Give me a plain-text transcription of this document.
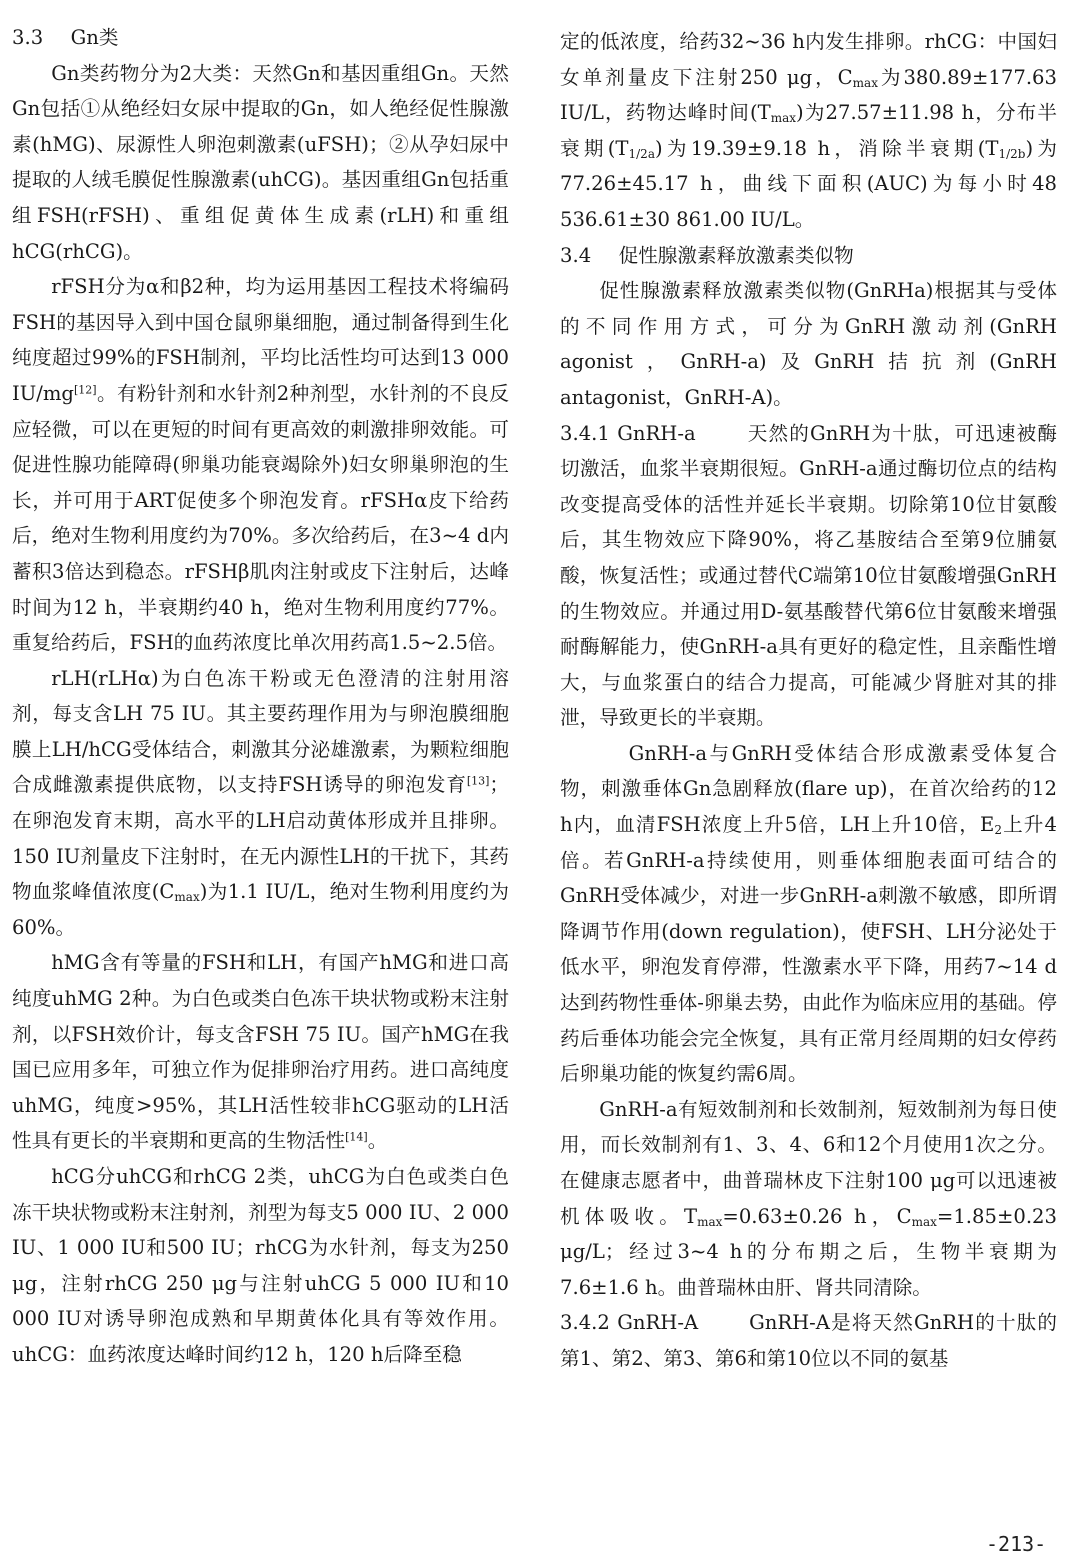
3.3 Gn类

Gn类药物分为2大类：天然Gn和基因重组Gn。天然Gn包括①从绝经妇女尿中提取的Gn，如人绝经促性腺激素(hMG)、尿源性人卵泡刺激素(uFSH)；②从孕妇尿中提取的人绒毛膜促性腺激素(uhCG)。基因重组Gn包括重组FSH(rFSH)、重组促黄体生成素(rLH)和重组hCG(rhCG)。

rFSH分为α和β2种，均为运用基因工程技术将编码FSH的基因导入到中国仓鼠卵巢细胞，通过制备得到生化纯度超过99%的FSH制剂，平均比活性均可达到13 000 IU/mg[12]。有粉针剂和水针剂2种剂型，水针剂的不良反应轻微，可以在更短的时间有更高效的刺激排卵效能。可促进性腺功能障碍(卵巢功能衰竭除外)妇女卵巢卵泡的生长，并可用于ART促使多个卵泡发育。rFSHα皮下给药后，绝对生物利用度约为70%。多次给药后，在3~4 d内蓄积3倍达到稳态。rFSHβ肌肉注射或皮下注射后，达峰时间为12 h，半衰期约40 h，绝对生物利用度约77%。重复给药后，FSH的血药浓度比单次用药高1.5~2.5倍。

rLH(rLHα)为白色冻干粉或无色澄清的注射用溶剂，每支含LH 75 IU。其主要药理作用为与卵泡膜细胞膜上LH/hCG受体结合，刺激其分泌雄激素，为颗粒细胞合成雌激素提供底物，以支持FSH诱导的卵泡发育[13]；在卵泡发育末期，高水平的LH启动黄体形成并且排卵。150 IU剂量皮下注射时，在无内源性LH的干扰下，其药物血浆峰值浓度$(C_{max})$为1.1 IU/L，绝对生物利用度约为60%。

hMG含有等量的FSH和LH，有国产hMG和进口高纯度uhMG 2种。为白色或类白色冻干块状物或粉末注射剂，以FSH效价计，每支含FSH 75 IU。国产hMG在我国已应用多年，可独立作为促排卵治疗用药。进口高纯度uhMG，纯度>95%，其LH活性较非hCG驱动的LH活性具有更长的半衰期和更高的生物活性[14]。

hCG分uhCG和rhCG 2类，uhCG为白色或类白色冻干块状物或粉末注射剂，剂型为每支5 000 IU、2 000 IU、1 000 IU和500 IU；rhCG为水针剂，每支为250 μg，注射rhCG 250 μg与注射uhCG 5 000 IU和10 000 IU对诱导卵泡成熟和早期黄体化具有等效作用。uhCG：血药浓度达峰时间约12 h，120 h后降至稳

定的低浓度，给药32~36 h内发生排卵。rhCG：中国妇女单剂量皮下注射250 μg，$C_{max}$为380.89±177.63 IU/L，药物达峰时间$(T_{max})$为27.57±11.98 h，分布半衰期$(T_{1/2a})$为19.39±9.18 h，消除半衰期$(T_{1/2b})$为77.26±45.17 h，曲线下面积(AUC)为每小时48 536.61±30 861.00 IU/L。

3.4 促性腺激素释放激素类似物

促性腺激素释放激素类似物(GnRHa)根据其与受体的不同作用方式，可分为GnRH激动剂(GnRH agonist，GnRH-a)及GnRH拮抗剂(GnRH antagonist，GnRH-A)。

3.4.1 GnRH-a	天然的GnRH为十肽，可迅速被酶切激活，血浆半衰期很短。GnRH-a通过酶切位点的结构改变提高受体的活性并延长半衰期。切除第10位甘氨酸后，其生物效应下降90%，将乙基胺结合至第9位脯氨酸，恢复活性；或通过替代C端第10位甘氨酸增强GnRH的生物效应。并通过用D-氨基酸替代第6位甘氨酸来增强耐酶解能力，使GnRH-a具有更好的稳定性，且亲酯性增大，与血浆蛋白的结合力提高，可能减少肾脏对其的排泄，导致更长的半衰期。

GnRH-a与GnRH受体结合形成激素受体复合物，刺激垂体Gn急剧释放(flare up)，在首次给药的12 h内，血清FSH浓度上升5倍，LH上升10倍，$E_2$上升4倍。若GnRH-a持续使用，则垂体细胞表面可结合的GnRH受体减少，对进一步GnRH-a刺激不敏感，即所谓降调节作用(down regulation)，使FSH、LH分泌处于低水平，卵泡发育停滞，性激素水平下降，用药7~14 d达到药物性垂体-卵巢去势，由此作为临床应用的基础。停药后垂体功能会完全恢复，具有正常月经周期的妇女停药后卵巢功能的恢复约需6周。

GnRH-a有短效制剂和长效制剂，短效制剂为每日使用，而长效制剂有1、3、4、6和12个月使用1次之分。在健康志愿者中，曲普瑞林皮下注射100 μg可以迅速被机体吸收。$T_{max}=0.63\pm 0.26$ h，$C_{max}=1.85\pm 0.23$ μg/L；经过3~4 h的分布期之后，生物半衰期为7.6±1.6 h。曲普瑞林由肝、肾共同清除。

3.4.2 GnRH-A	GnRH-A是将天然GnRH的十肽的第1、第2、第3、第6和第10位以不同的氨基

-213-
